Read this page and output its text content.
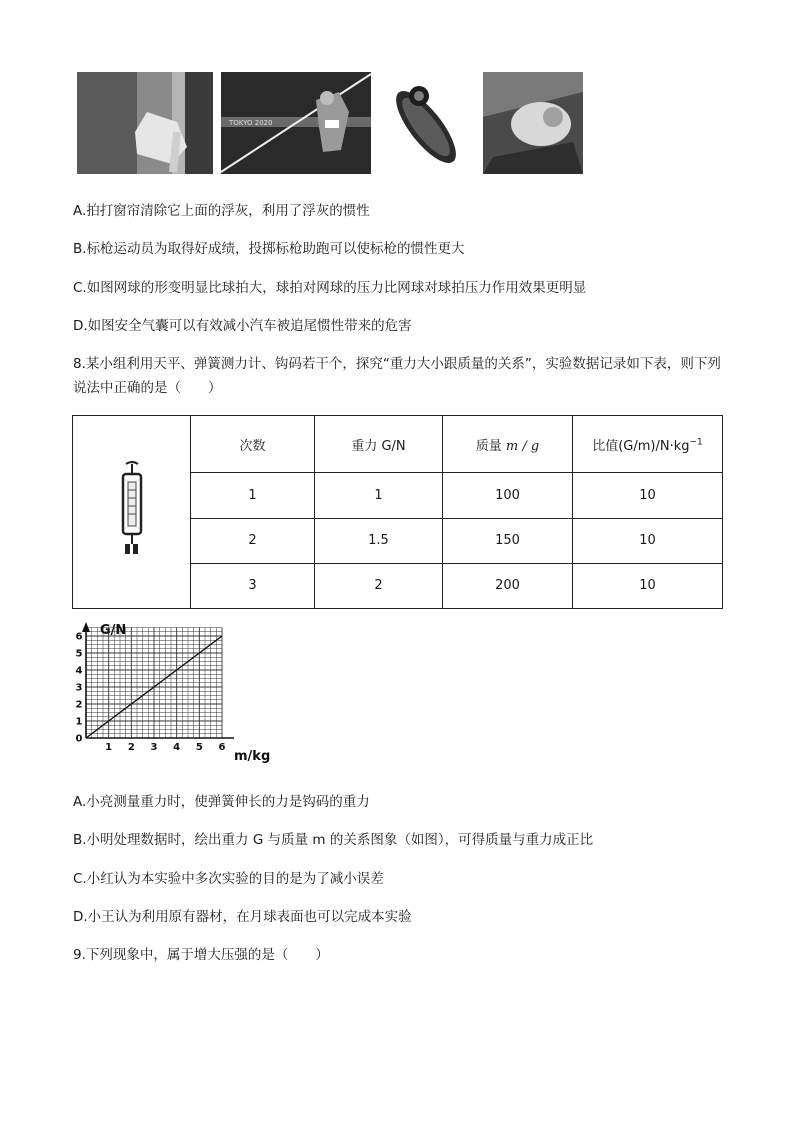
TOKYO 2020
A.拍打窗帘清除它上面的浮灰，利用了浮灰的惯性
B.标枪运动员为取得好成绩，投掷标枪助跑可以使标枪的惯性更大
C.如图网球的形变明显比球拍大，球拍对网球的压力比网球对球拍压力作用效果更明显
D.如图安全气囊可以有效减小汽车被追尾惯性带来的危害
8.某小组利用天平、弹簧测力计、钩码若干个，探究“重力大小跟质量的关系”，实验数据记录如下表，则下列说法中正确的是（　　）
	次数	重力 G/N	质量 m / g	比值$(G/m)/N\cdot kg^{-1}$
	1	1	100	10
	2	1.5	150	10
	3	2	200	10
G/N
m/kg
1 2 3 4 5 6
0
1
2
3
4
5
6
A.小亮测量重力时，使弹簧伸长的力是钩码的重力
B.小明处理数据时，绘出重力 G 与质量 m 的关系图象（如图），可得质量与重力成正比
C.小红认为本实验中多次实验的目的是为了减小误差
D.小王认为利用原有器材，在月球表面也可以完成本实验
9.下列现象中，属于增大压强的是（　　）
